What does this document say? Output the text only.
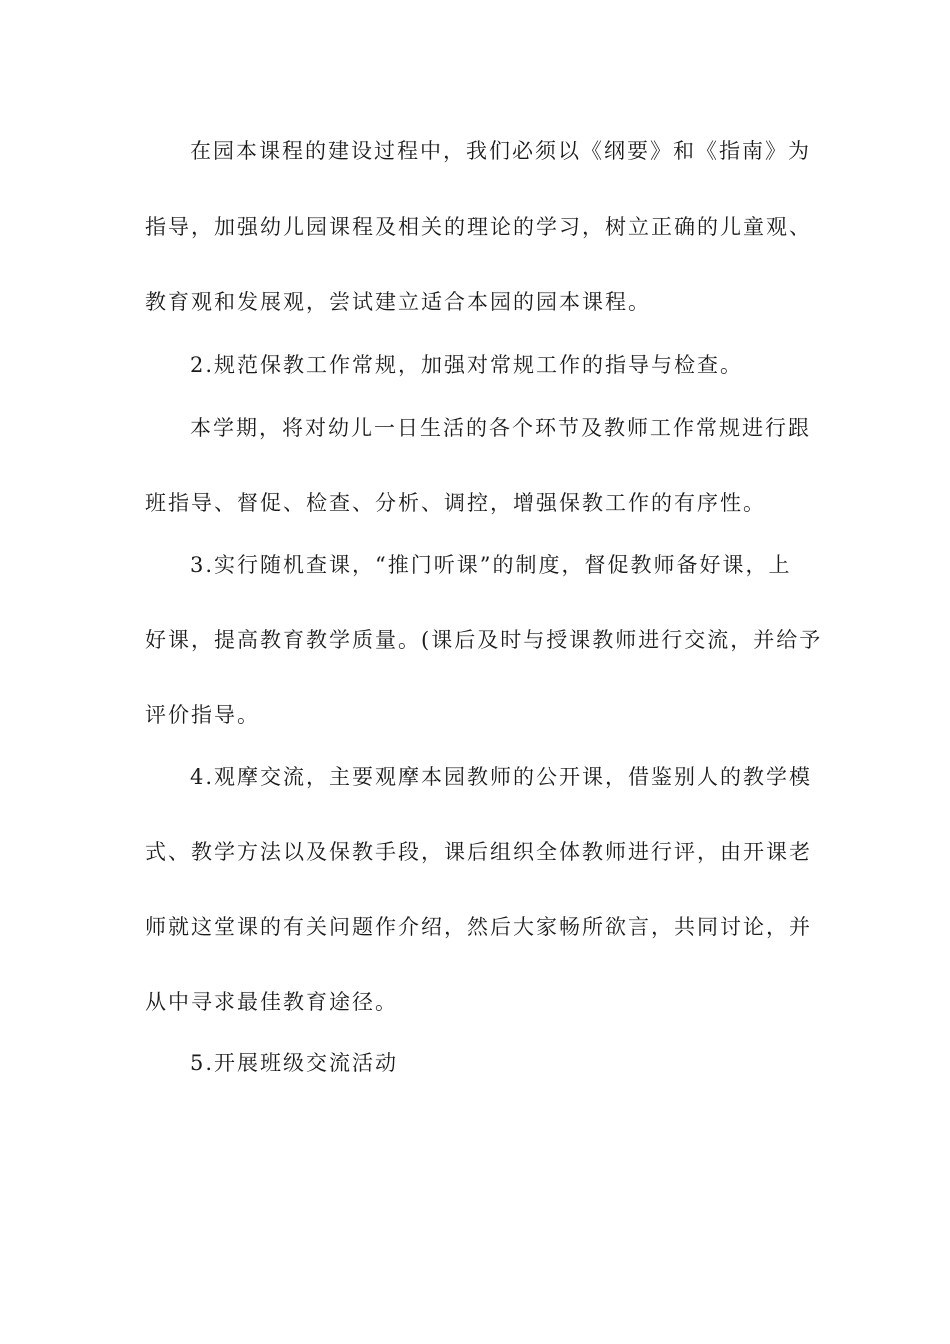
在园本课程的建设过程中，我们必须以《纲要》和《指南》为
指导，加强幼儿园课程及相关的理论的学习，树立正确的儿童观、
教育观和发展观，尝试建立适合本园的园本课程。
2.规范保教工作常规，加强对常规工作的指导与检查。
本学期，将对幼儿一日生活的各个环节及教师工作常规进行跟
班指导、督促、检查、分析、调控，增强保教工作的有序性。
3.实行随机查课，“推门听课”的制度，督促教师备好课，上
好课，提高教育教学质量。(课后及时与授课教师进行交流，并给予
评价指导。
4.观摩交流，主要观摩本园教师的公开课，借鉴别人的教学模
式、教学方法以及保教手段，课后组织全体教师进行评，由开课老
师就这堂课的有关问题作介绍，然后大家畅所欲言，共同讨论，并
从中寻求最佳教育途径。
5.开展班级交流活动
